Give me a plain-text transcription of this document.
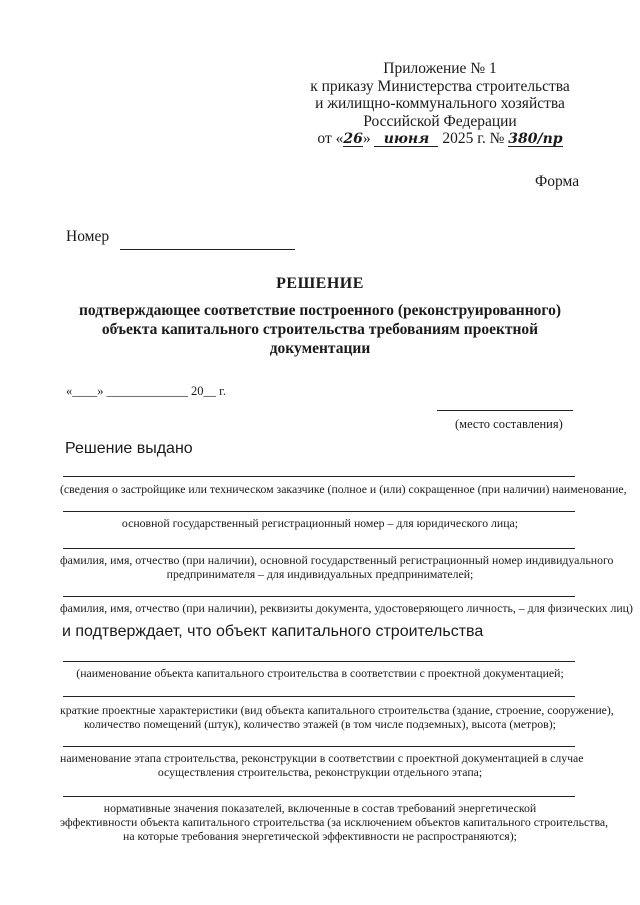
Приложение № 1
к приказу Министерства строительства
и жилищно-коммунального хозяйства
Российской Федерации
от «26» июня 2025 г. № 380/пр
Форма
Номер
РЕШЕНИЕ
подтверждающее соответствие построенного (реконструированного) объекта капитального строительства требованиям проектной документации
«____» _____________ 20__ г.
(место составления)
Решение выдано
(сведения о застройщике или техническом заказчике (полное и (или) сокращенное (при наличии) наименование,
основной государственный регистрационный номер – для юридического лица;
фамилия, имя, отчество (при наличии), основной государственный регистрационный номер индивидуального
предпринимателя – для индивидуальных предпринимателей;
фамилия, имя, отчество (при наличии), реквизиты документа, удостоверяющего личность, – для физических лиц)
и подтверждает, что объект капитального строительства
(наименование объекта капитального строительства в соответствии с проектной документацией;
краткие проектные характеристики (вид объекта капитального строительства (здание, строение, сооружение),
количество помещений (штук), количество этажей (в том числе подземных), высота (метров);
наименование этапа строительства, реконструкции в соответствии с проектной документацией в случае
осуществления строительства, реконструкции отдельного этапа;
нормативные значения показателей, включенные в состав требований энергетической
эффективности объекта капитального строительства (за исключением объектов капитального строительства,
на которые требования энергетической эффективности не распространяются);
